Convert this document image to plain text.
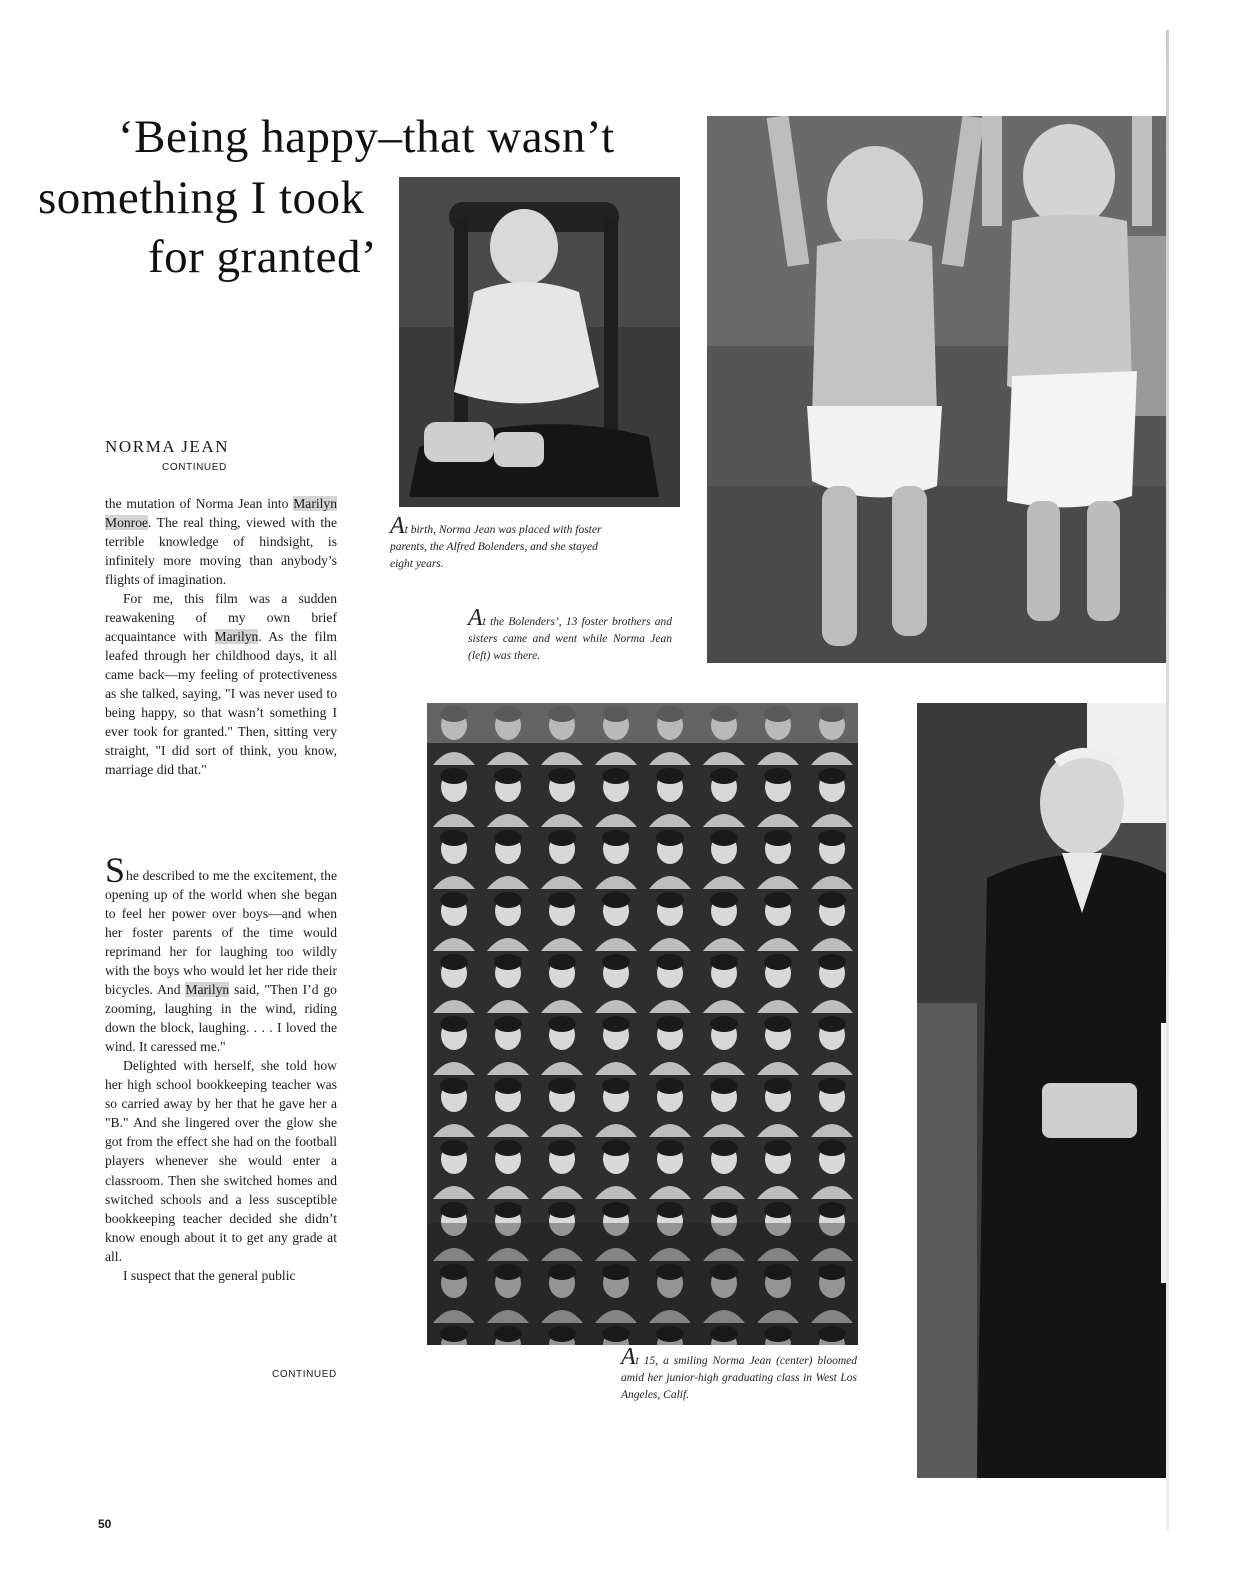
‘Being happy–that wasn’t
something I took
for granted’

At birth, Norma Jean was placed with foster parents, the Alfred Bolenders, and she stayed eight years.

At the Bolenders’, 13 foster brothers and sisters came and went while Norma Jean (left) was there.

At 15, a smiling Norma Jean (center) bloomed amid her junior-high graduating class in West Los Angeles, Calif.

NORMA JEAN

CONTINUED

the mutation of Norma Jean into Marilyn Monroe. The real thing, viewed with the terrible knowledge of hindsight, is infinitely more moving than anybody’s flights of imagination.

For me, this film was a sudden reawakening of my own brief acquaintance with Marilyn. As the film leafed through her childhood days, it all came back—my feeling of protectiveness as she talked, saying, "I was never used to being happy, so that wasn’t something I ever took for granted." Then, sitting very straight, "I did sort of think, you know, marriage did that."

She described to me the excitement, the opening up of the world when she began to feel her power over boys—and when her foster parents of the time would reprimand her for laughing too wildly with the boys who would let her ride their bicycles. And Marilyn said, "Then I’d go zooming, laughing in the wind, riding down the block, laughing. . . . I loved the wind. It caressed me."

Delighted with herself, she told how her high school bookkeeping teacher was so carried away by her that he gave her a "B." And she lingered over the glow she got from the effect she had on the football players whenever she would enter a classroom. Then she switched homes and switched schools and a less susceptible bookkeeping teacher decided she didn’t know enough about it to get any grade at all.

I suspect that the general public

CONTINUED

50
